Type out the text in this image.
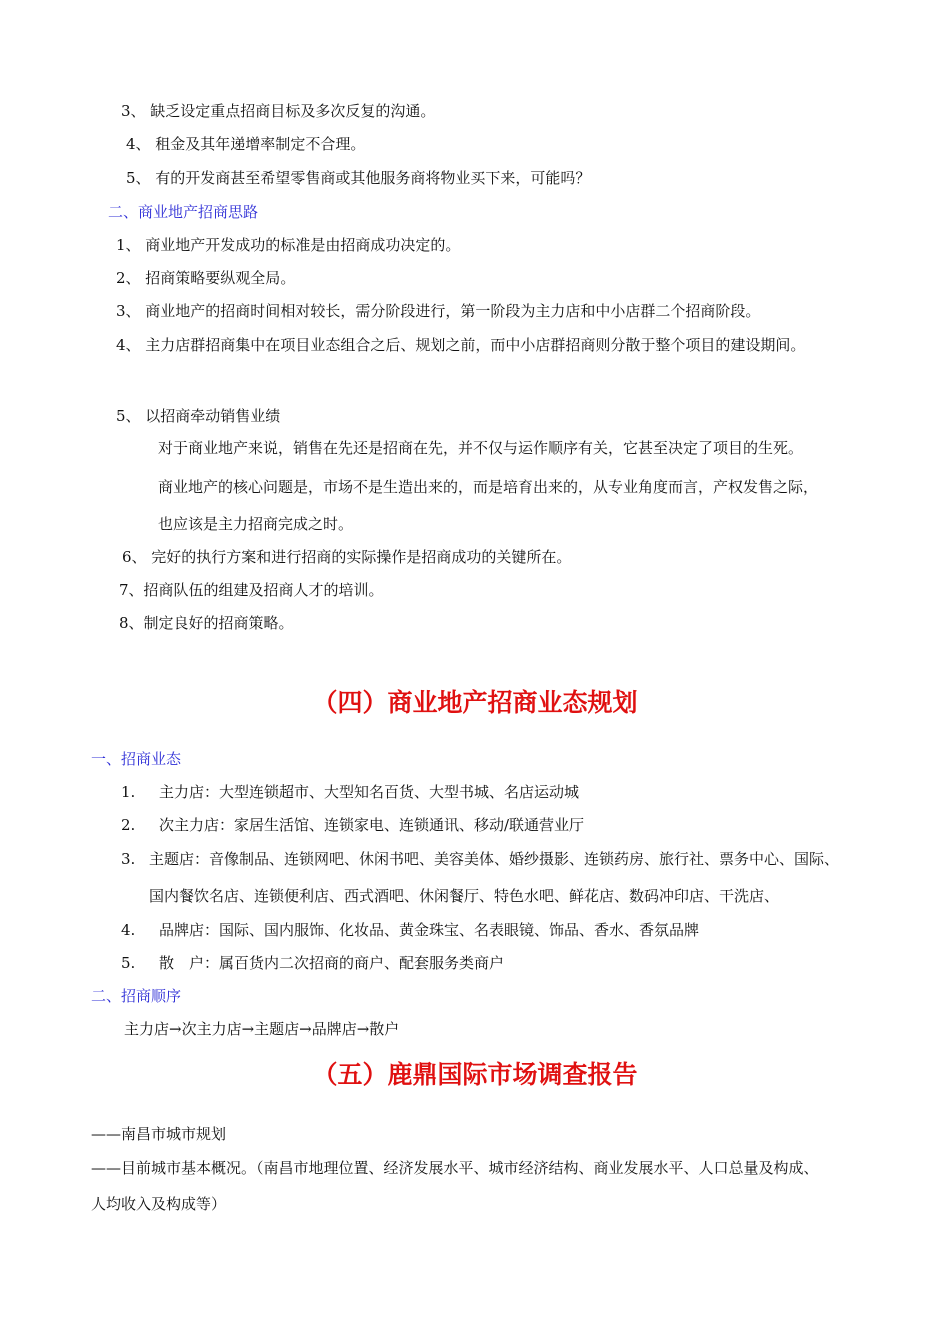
3、 缺乏设定重点招商目标及多次反复的沟通。
4、 租金及其年递增率制定不合理。
5、 有的开发商甚至希望零售商或其他服务商将物业买下来，可能吗？
二、商业地产招商思路
1、 商业地产开发成功的标准是由招商成功决定的。
2、 招商策略要纵观全局。
3、 商业地产的招商时间相对较长，需分阶段进行，第一阶段为主力店和中小店群二个招商阶段。
4、 主力店群招商集中在项目业态组合之后、规划之前，而中小店群招商则分散于整个项目的建设期间。
5、 以招商牵动销售业绩
对于商业地产来说，销售在先还是招商在先，并不仅与运作顺序有关，它甚至决定了项目的生死。
商业地产的核心问题是，市场不是生造出来的，而是培育出来的，从专业角度而言，产权发售之际，
也应该是主力招商完成之时。
6、 完好的执行方案和进行招商的实际操作是招商成功的关键所在。
7、招商队伍的组建及招商人才的培训。
8、制定良好的招商策略。
（四）商业地产招商业态规划
一、招商业态
1. 主力店：大型连锁超市、大型知名百货、大型书城、名店运动城
2. 次主力店：家居生活馆、连锁家电、连锁通讯、移动/联通营业厅
3. 主题店：音像制品、连锁网吧、休闲书吧、美容美体、婚纱摄影、连锁药房、旅行社、票务中心、国际、
国内餐饮名店、连锁便利店、西式酒吧、休闲餐厅、特色水吧、鲜花店、数码冲印店、干洗店、
4. 品牌店：国际、国内服饰、化妆品、黄金珠宝、名表眼镜、饰品、香水、香氛品牌
5. 散　户：属百货内二次招商的商户、配套服务类商户
二、招商顺序
主力店→次主力店→主题店→品牌店→散户
（五）鹿鼎国际市场调查报告
——南昌市城市规划
——目前城市基本概况。（南昌市地理位置、经济发展水平、城市经济结构、商业发展水平、人口总量及构成、
人均收入及构成等）
